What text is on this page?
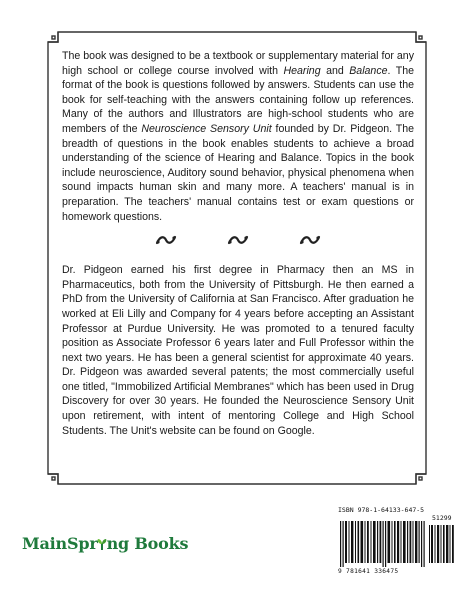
The book was designed to be a textbook or supplementary material for any high school or college course involved with Hearing and Balance. The format of the book is questions followed by answers. Students can use the book for self-teaching with the answers containing follow up references. Many of the authors and Illustrators are high-school students who are members of the Neuroscience Sensory Unit founded by Dr. Pidgeon. The breadth of questions in the book enables students to achieve a broad understanding of the science of Hearing and Balance. Topics in the book include neuroscience, Auditory sound behavior, physical phenomena when sound impacts human skin and many more. A teachers' manual is in preparation. The teachers' manual contains test or exam questions or homework questions.

Dr. Pidgeon earned his first degree in Pharmacy then an MS in Pharmaceutics, both from the University of Pittsburgh. He then earned a PhD from the University of California at San Francisco. After graduation he worked at Eli Lilly and Company for 4 years before accepting an Assistant Professor at Purdue University. He was promoted to a tenured faculty position as Associate Professor 6 years later and Full Professor within the next two years. He has been a general scientist for approximate 40 years. Dr. Pidgeon was awarded several patents; the most commercially useful one titled, "Immobilized Artificial Membranes" which has been used in Drug Discovery for over 30 years. He founded the Neuroscience Sensory Unit upon retirement, with intent of mentoring College and High School Students. The Unit's website can be found on Google.

MainSpr ng Books
ISBN 978-1-64133-647-5
51299
9 781641 336475
